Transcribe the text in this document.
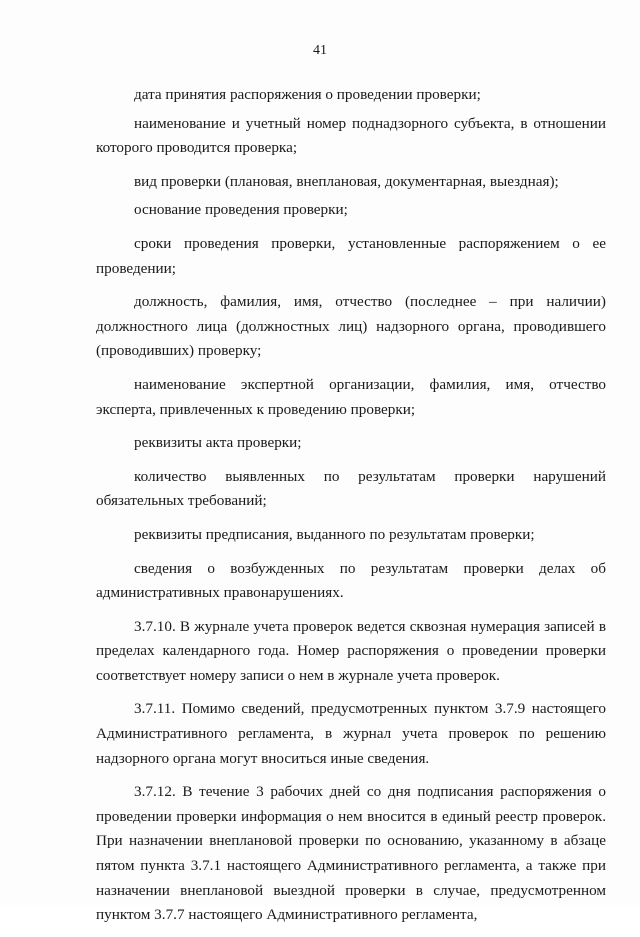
41

дата принятия распоряжения о проведении проверки;

наименование и учетный номер поднадзорного субъекта, в отношении которого проводится проверка;

вид проверки (плановая, внеплановая, документарная, выездная);

основание проведения проверки;

сроки проведения проверки, установленные распоряжением о ее проведении;

должность, фамилия, имя, отчество (последнее – при наличии) должностного лица (должностных лиц) надзорного органа, проводившего (проводивших) проверку;

наименование экспертной организации, фамилия, имя, отчество эксперта, привлеченных к проведению проверки;

реквизиты акта проверки;

количество выявленных по результатам проверки нарушений обязательных требований;

реквизиты предписания, выданного по результатам проверки;

сведения о возбужденных по результатам проверки делах об административных правонарушениях.

3.7.10. В журнале учета проверок ведется сквозная нумерация записей в пределах календарного года. Номер распоряжения о проведении проверки соответствует номеру записи о нем в журнале учета проверок.

3.7.11. Помимо сведений, предусмотренных пунктом 3.7.9 настоящего Административного регламента, в журнал учета проверок по решению надзорного органа могут вноситься иные сведения.

3.7.12. В течение 3 рабочих дней со дня подписания распоряжения о проведении проверки информация о нем вносится в единый реестр проверок. При назначении внеплановой проверки по основанию, указанному в абзаце пятом пункта 3.7.1 настоящего Административного регламента, а также при назначении внеплановой выездной проверки в случае, предусмотренном пунктом 3.7.7 настоящего Административного регламента,
